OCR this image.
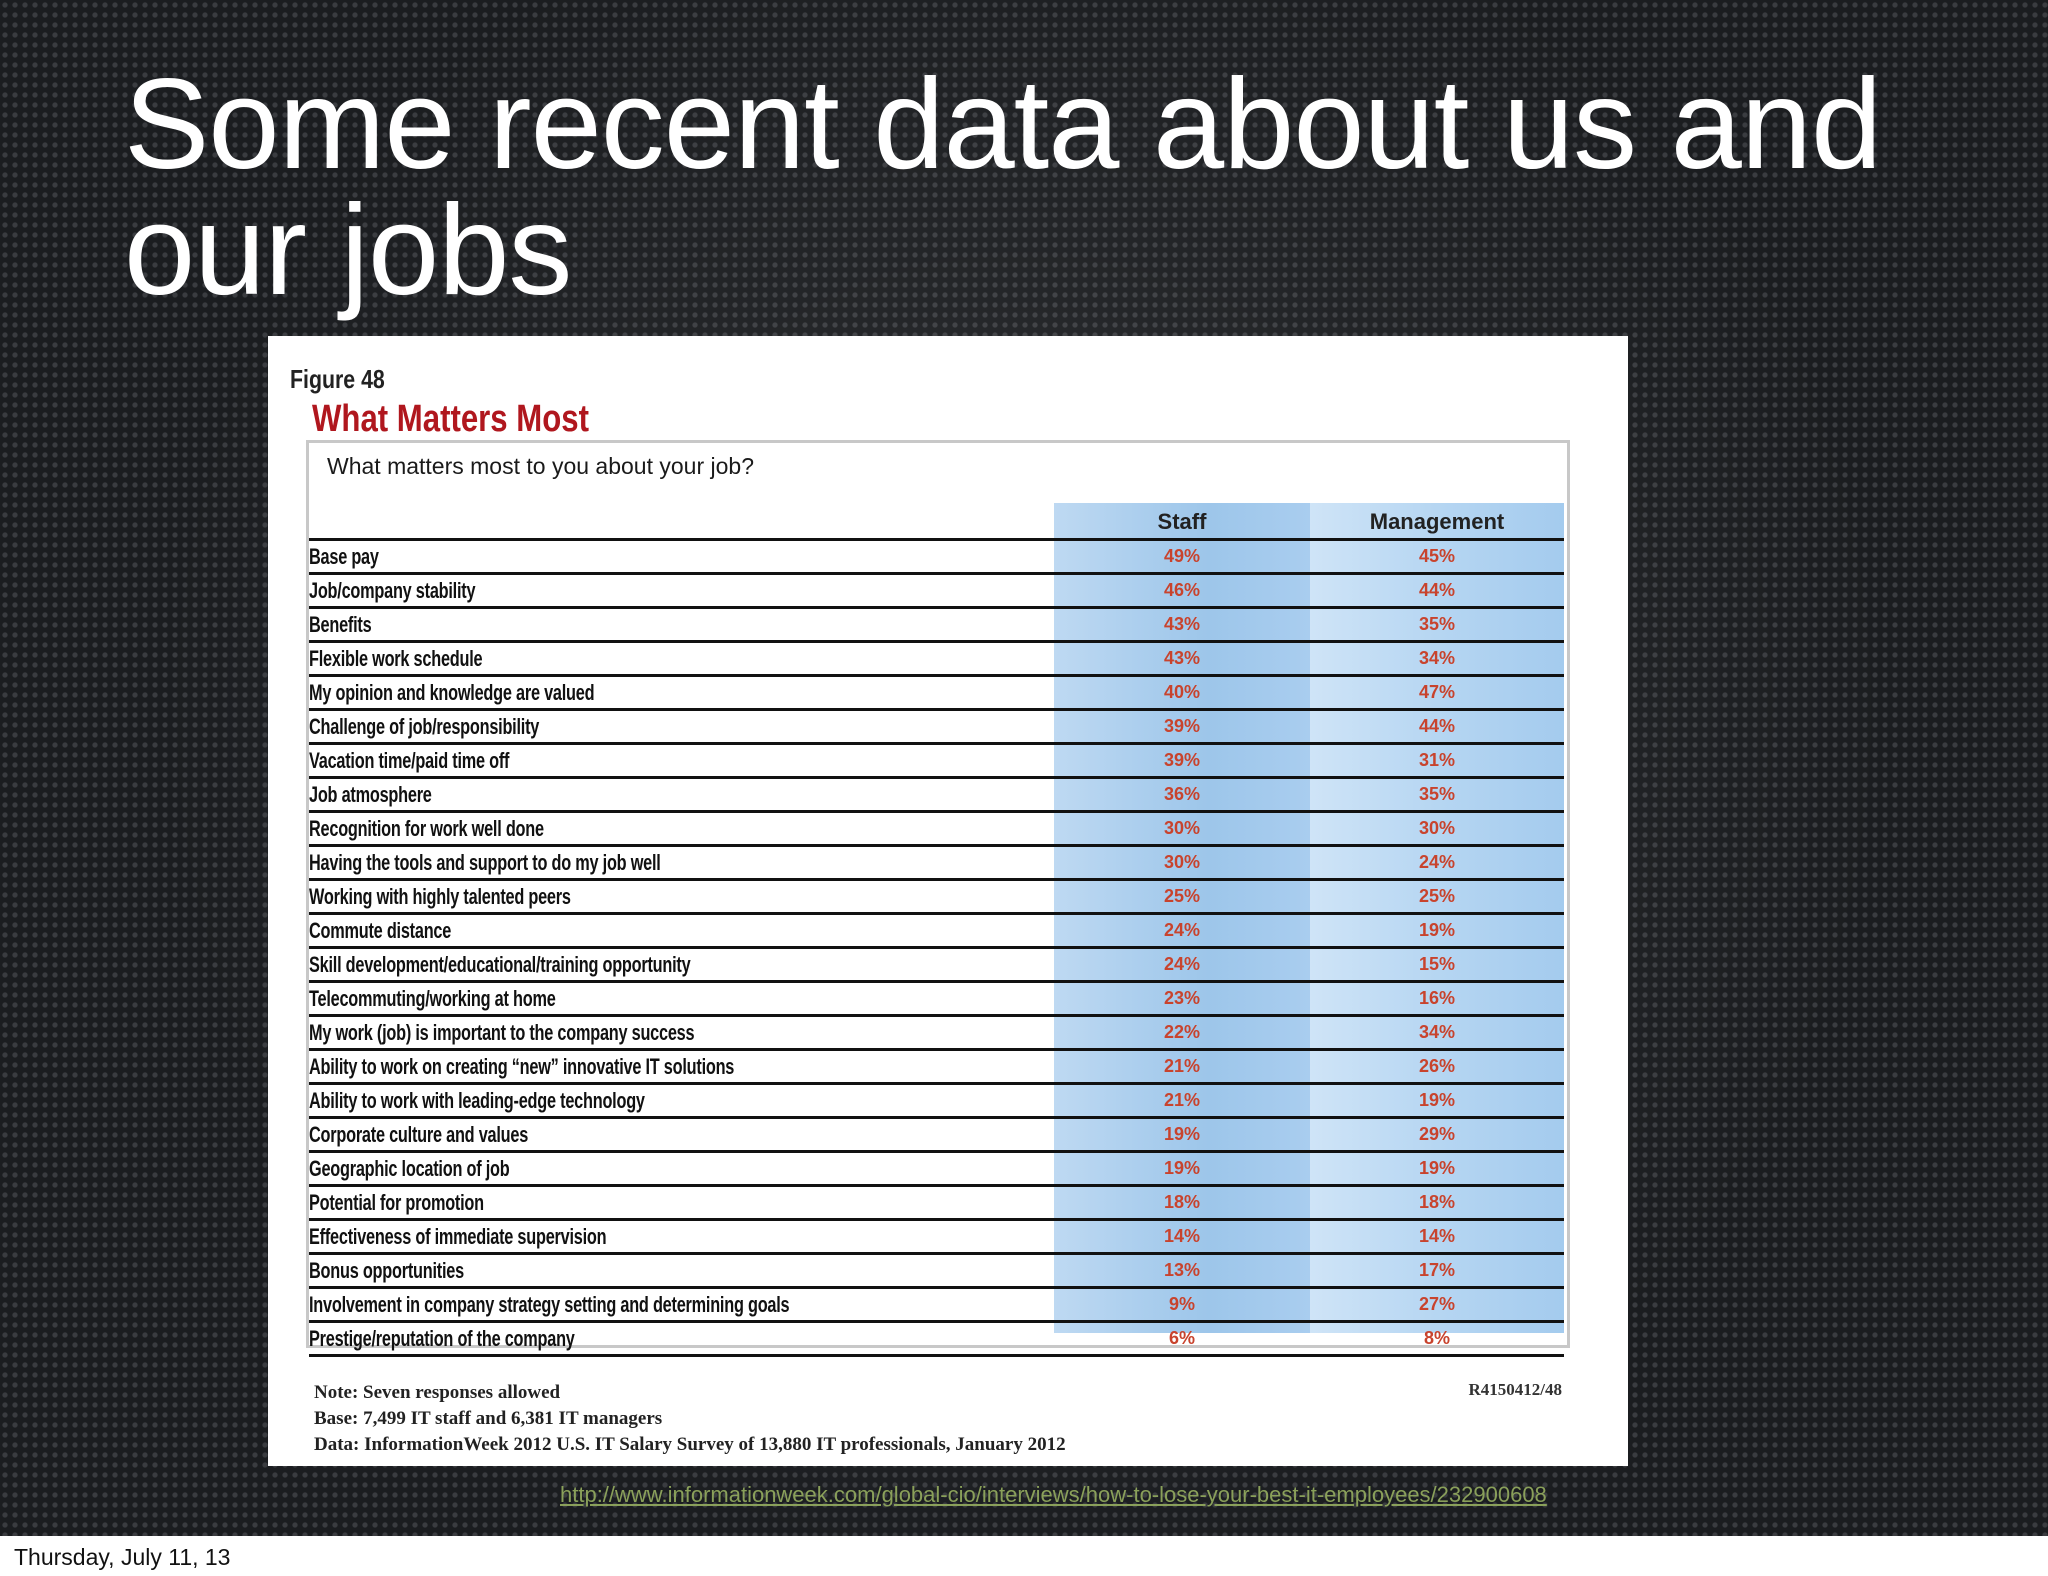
Some recent data about us and our jobs
Figure 48
What Matters Most
What matters most to you about your job?
Staff	Management
Base pay	49%	45%
Job/company stability	46%	44%
Benefits	43%	35%
Flexible work schedule	43%	34%
My opinion and knowledge are valued	40%	47%
Challenge of job/responsibility	39%	44%
Vacation time/paid time off	39%	31%
Job atmosphere	36%	35%
Recognition for work well done	30%	30%
Having the tools and support to do my job well	30%	24%
Working with highly talented peers	25%	25%
Commute distance	24%	19%
Skill development/educational/training opportunity	24%	15%
Telecommuting/working at home	23%	16%
My work (job) is important to the company success	22%	34%
Ability to work on creating “new” innovative IT solutions	21%	26%
Ability to work with leading-edge technology	21%	19%
Corporate culture and values	19%	29%
Geographic location of job	19%	19%
Potential for promotion	18%	18%
Effectiveness of immediate supervision	14%	14%
Bonus opportunities	13%	17%
Involvement in company strategy setting and determining goals	9%	27%
Prestige/reputation of the company	6%	8%
Note: Seven responses allowed
Base: 7,499 IT staff and 6,381 IT managers
Data: InformationWeek 2012 U.S. IT Salary Survey of 13,880 IT professionals, January 2012
R4150412/48
http://www.informationweek.com/global-cio/interviews/how-to-lose-your-best-it-employees/232900608
Thursday, July 11, 13
